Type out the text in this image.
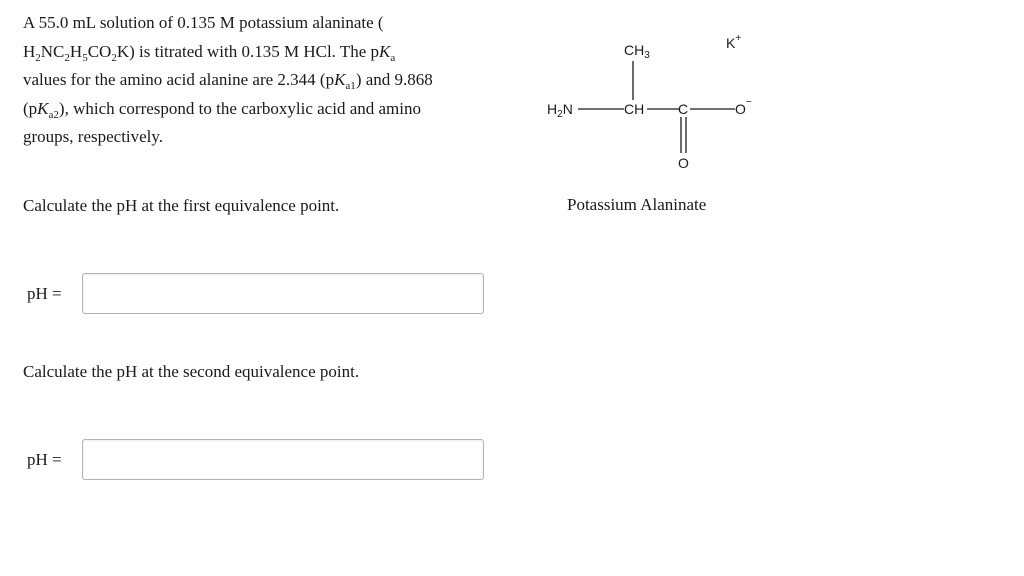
A 55.0 mL solution of 0.135 M potassium alaninate (
$H_2NC_2H_5CO_2K$) is titrated with 0.135 M HCl. The $pK_a$
values for the amino acid alanine are 2.344 $(pK_{a1})$ and 9.868
$(pK_{a2})$, which correspond to the carboxylic acid and amino
groups, respectively.
$CH_3$
K+
$H_2N$	CH C	O−
O
Potassium Alaninate
Calculate the pH at the first equivalence point.
pH =
Calculate the pH at the second equivalence point.
pH =
